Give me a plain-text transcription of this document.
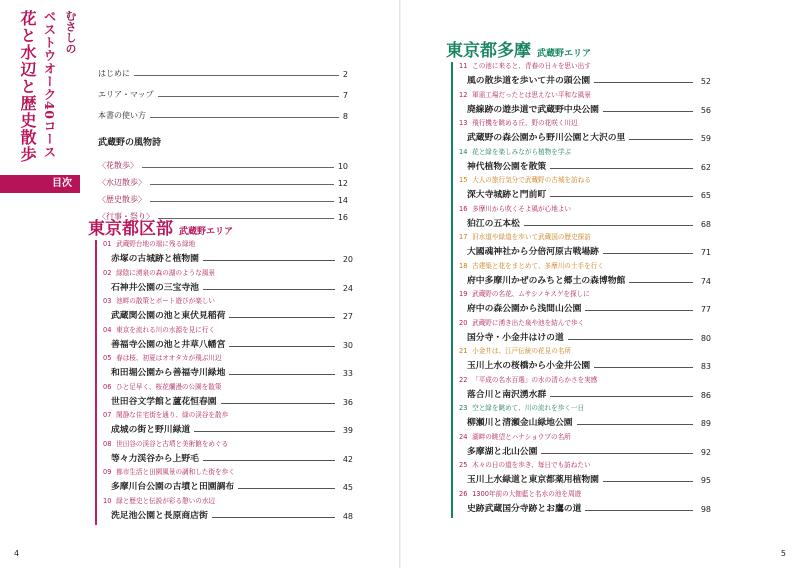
むさしの
ベストウオーク40コース
花と水辺と歴史散歩
目次
はじめに	2
エリア・マップ	7
本書の使い方	8
武蔵野の風物詩
〈花散歩〉	10
〈水辺散歩〉	12
〈歴史散歩〉	14
〈行事・祭り〉	16
東京都区部 武蔵野エリア
01 武蔵野台地の端に残る緑地
赤塚の古城跡と植物園	20
02 緑陰に湧泉の森の湖のような風景
石神井公園の三宝寺池	24
03 池畔の散策とボート遊びが楽しい
武蔵関公園の池と東伏見稲荷	27
04 東京を流れる川の水源を見に行く
善福寺公園の池と井草八幡宮	30
05 春は桜、初夏はオオタカが飛ぶ川辺
和田堀公園から善福寺川緑地	33
06 ひと足早く、桜花爛漫の公園を散策
世田谷文学館と蘆花恒春園	36
07 閑静な住宅街を通り、緑の渓谷を散歩
成城の街と野川緑道	39
08 世田谷の渓谷と古墳と美術館をめぐる
等々力渓谷から上野毛	42
09 都市生活と田園風景の調和した街を歩く
多摩川台公園の古墳と田園調布	45
10 緑と歴史と伝説が彩る憩いの水辺
洗足池公園と長原商店街	48
東京都多摩 武蔵野エリア
11 この池に来ると、青春の日々を思い出す
風の散歩道を歩いて井の頭公園	52
12 軍需工場だったとは思えない平和な風景
廃線跡の遊歩道で武蔵野中央公園	56
13 飛行機を眺める丘、野の花咲く川辺
武蔵野の森公園から野川公園と大沢の里	59
14 花と緑を楽しみながら植物を学ぶ
神代植物公園を散策	62
15 大人の旅行気分で武蔵野の古城を訪ねる
深大寺城跡と門前町	65
16 多摩川から吹くそよ風が心地よい
狛江の五本松	68
17 旧水道や緑道を歩いて武蔵国の歴史探訪
大國魂神社から分倍河原古戦場跡	71
18 古建築と花をまとめて、多摩川の土手を行く
府中多摩川かぜのみちと郷土の森博物館	74
19 武蔵野の名花、ムサシノキスゲを探しに
府中の森公園から浅間山公園	77
20 武蔵野に湧き出た泉や池を結んで歩く
国分寺・小金井はけの道	80
21 小金井は、江戸伝統の花見の名所
玉川上水の桜橋から小金井公園	83
22 「平成の名水百選」の水の清らかさを実感
落合川と南沢湧水群	86
23 空と緑を眺めて、川の流れを歩く一日
柳瀬川と清瀬金山緑地公園	89
24 湖畔の眺望とハナショウブの名所
多摩湖と北山公園	92
25 木々の日の道を歩き、毎日でも訪ねたい
玉川上水緑道と東京都薬用植物園	95
26 1300年前の大伽藍と名水の池を周遊
史跡武蔵国分寺跡とお鷹の道	98
4	5
